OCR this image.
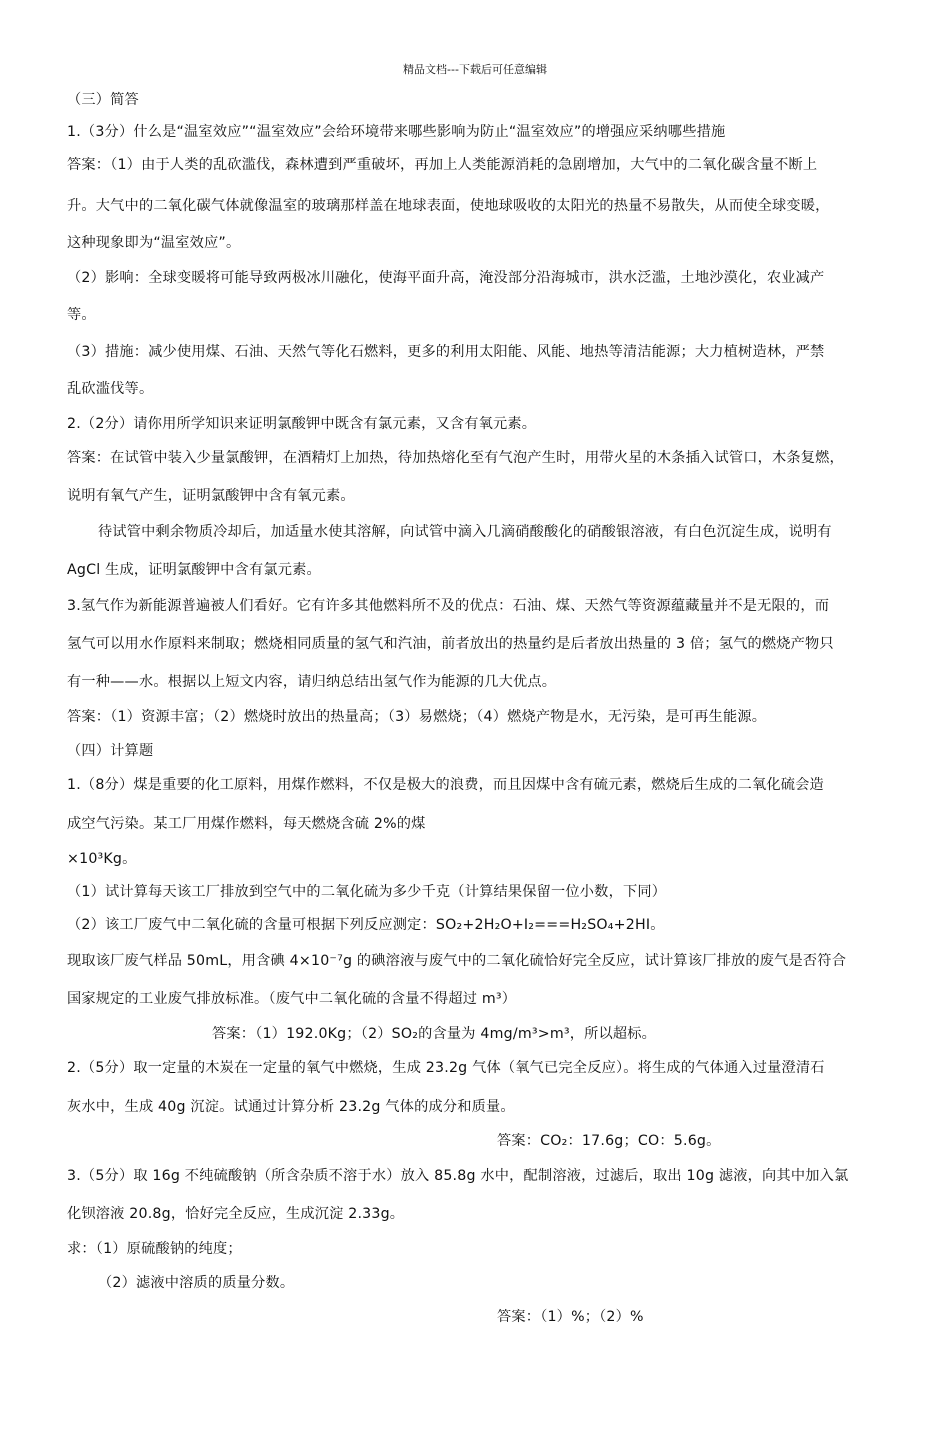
精品文档---下载后可任意编辑
（三）简答
1.（3分）什么是“温室效应”“温室效应”会给环境带来哪些影响为防止“温室效应”的增强应采纳哪些措施
答案：（1）由于人类的乱砍滥伐，森林遭到严重破坏，再加上人类能源消耗的急剧增加，大气中的二氧化碳含量不断上
升。大气中的二氧化碳气体就像温室的玻璃那样盖在地球表面，使地球吸收的太阳光的热量不易散失，从而使全球变暖，
这种现象即为“温室效应”。
（2）影响：全球变暖将可能导致两极冰川融化，使海平面升高，淹没部分沿海城市，洪水泛滥，土地沙漠化，农业减产
等。
（3）措施：减少使用煤、石油、天然气等化石燃料，更多的利用太阳能、风能、地热等清洁能源；大力植树造林，严禁
乱砍滥伐等。
2.（2分）请你用所学知识来证明氯酸钾中既含有氯元素，又含有氧元素。
答案：在试管中装入少量氯酸钾，在酒精灯上加热，待加热熔化至有气泡产生时，用带火星的木条插入试管口，木条复燃，
说明有氧气产生，证明氯酸钾中含有氧元素。
待试管中剩余物质冷却后，加适量水使其溶解，向试管中滴入几滴硝酸酸化的硝酸银溶液，有白色沉淀生成，说明有
AgCl 生成，证明氯酸钾中含有氯元素。
3.氢气作为新能源普遍被人们看好。它有许多其他燃料所不及的优点：石油、煤、天然气等资源蕴藏量并不是无限的，而
氢气可以用水作原料来制取；燃烧相同质量的氢气和汽油，前者放出的热量约是后者放出热量的 3 倍；氢气的燃烧产物只
有一种——水。根据以上短文内容，请归纳总结出氢气作为能源的几大优点。
答案：（1）资源丰富；（2）燃烧时放出的热量高；（3）易燃烧；（4）燃烧产物是水，无污染，是可再生能源。
（四）计算题
1.（8分）煤是重要的化工原料，用煤作燃料，不仅是极大的浪费，而且因煤中含有硫元素，燃烧后生成的二氧化硫会造
成空气污染。某工厂用煤作燃料，每天燃烧含硫 2%的煤
×10³Kg。
（1）试计算每天该工厂排放到空气中的二氧化硫为多少千克（计算结果保留一位小数，下同）
（2）该工厂废气中二氧化硫的含量可根据下列反应测定：SO₂+2H₂O+I₂===H₂SO₄+2HI。
现取该厂废气样品 50mL，用含碘 4×10⁻⁷g 的碘溶液与废气中的二氧化硫恰好完全反应，试计算该厂排放的废气是否符合
国家规定的工业废气排放标准。（废气中二氧化硫的含量不得超过 m³）
答案：（1）192.0Kg；（2）SO₂的含量为 4mg/m³>m³，所以超标。
2.（5分）取一定量的木炭在一定量的氧气中燃烧，生成 23.2g 气体（氧气已完全反应）。将生成的气体通入过量澄清石
灰水中，生成 40g 沉淀。试通过计算分析 23.2g 气体的成分和质量。
答案：CO₂：17.6g；CO：5.6g。
3.（5分）取 16g 不纯硫酸钠（所含杂质不溶于水）放入 85.8g 水中，配制溶液，过滤后，取出 10g 滤液，向其中加入氯
化钡溶液 20.8g，恰好完全反应，生成沉淀 2.33g。
求：（1）原硫酸钠的纯度；
（2）滤液中溶质的质量分数。
答案：（1）%；（2）%
